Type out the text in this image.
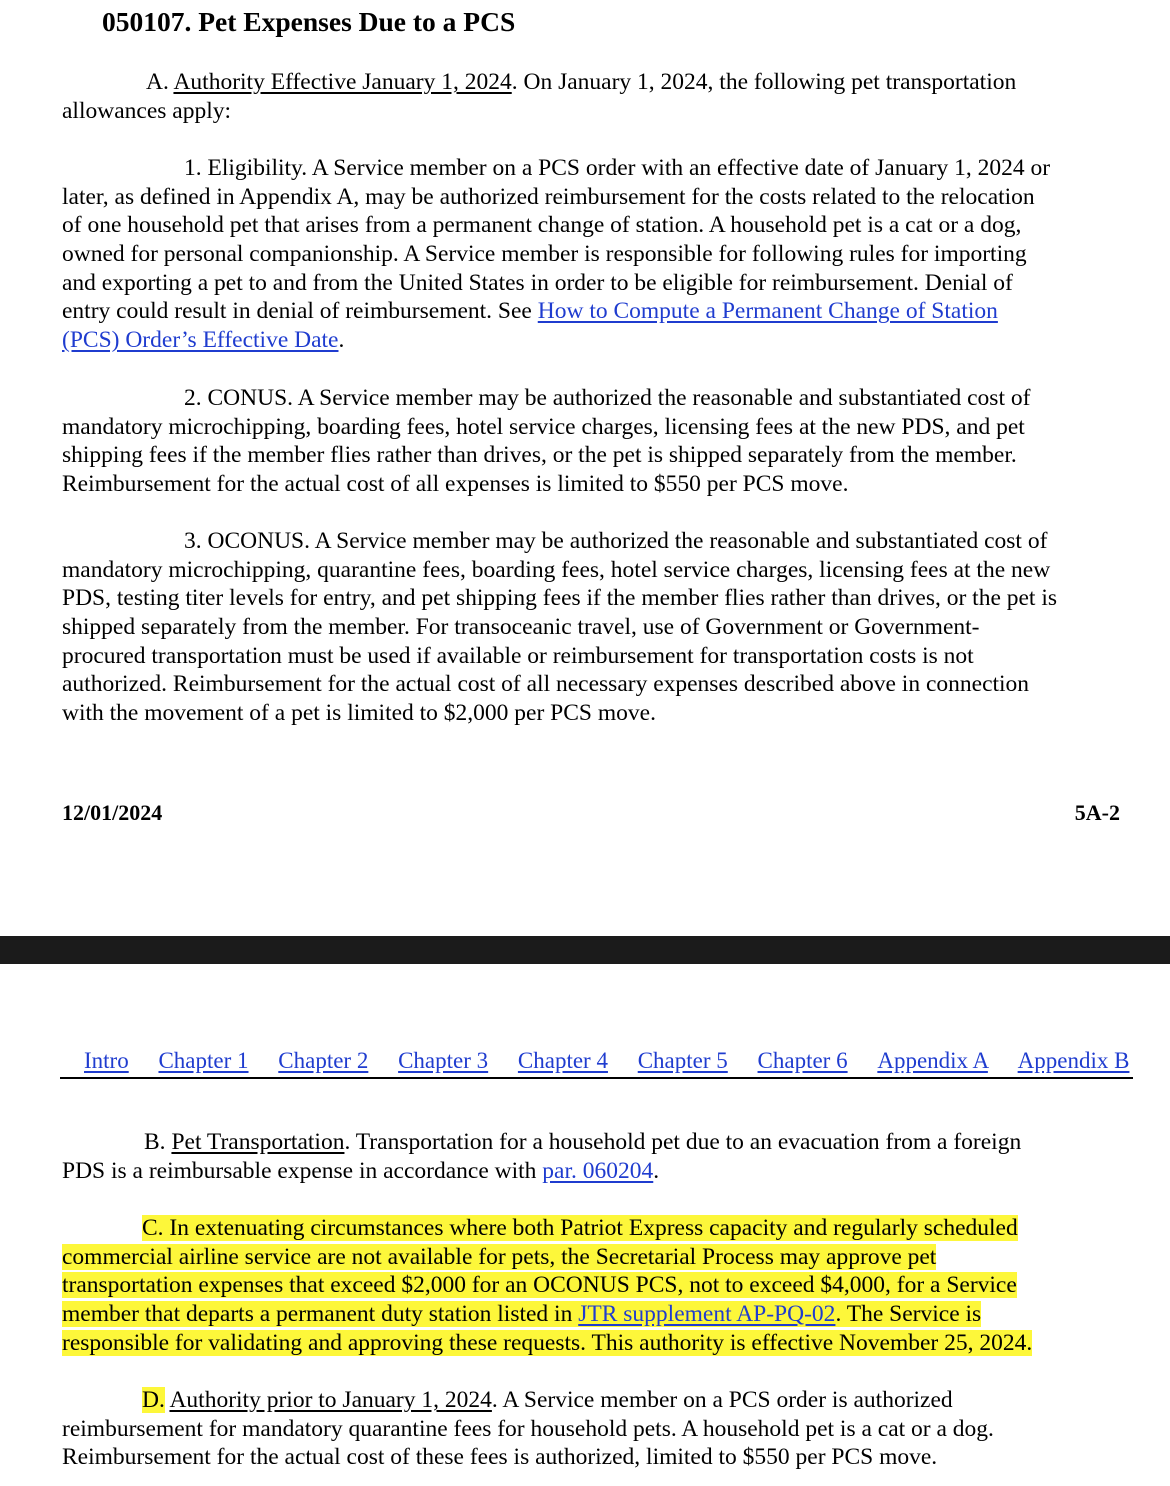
050107. Pet Expenses Due to a PCS
A. Authority Effective January 1, 2024. On January 1, 2024, the following pet transportation
allowances apply:
1. Eligibility. A Service member on a PCS order with an effective date of January 1, 2024 or
later, as defined in Appendix A, may be authorized reimbursement for the costs related to the relocation
of one household pet that arises from a permanent change of station. A household pet is a cat or a dog,
owned for personal companionship. A Service member is responsible for following rules for importing
and exporting a pet to and from the United States in order to be eligible for reimbursement. Denial of
entry could result in denial of reimbursement. See How to Compute a Permanent Change of Station
(PCS) Order’s Effective Date.
2. CONUS. A Service member may be authorized the reasonable and substantiated cost of
mandatory microchipping, boarding fees, hotel service charges, licensing fees at the new PDS, and pet
shipping fees if the member flies rather than drives, or the pet is shipped separately from the member.
Reimbursement for the actual cost of all expenses is limited to $550 per PCS move.
3. OCONUS. A Service member may be authorized the reasonable and substantiated cost of
mandatory microchipping, quarantine fees, boarding fees, hotel service charges, licensing fees at the new
PDS, testing titer levels for entry, and pet shipping fees if the member flies rather than drives, or the pet is
shipped separately from the member. For transoceanic travel, use of Government or Government-
procured transportation must be used if available or reimbursement for transportation costs is not
authorized. Reimbursement for the actual cost of all necessary expenses described above in connection
with the movement of a pet is limited to $2,000 per PCS move.
12/01/2024	5A-2
Intro Chapter 1 Chapter 2 Chapter 3 Chapter 4 Chapter 5 Chapter 6 Appendix A Appendix B
B. Pet Transportation. Transportation for a household pet due to an evacuation from a foreign
PDS is a reimbursable expense in accordance with par. 060204.
C. In extenuating circumstances where both Patriot Express capacity and regularly scheduled
commercial airline service are not available for pets, the Secretarial Process may approve pet
transportation expenses that exceed $2,000 for an OCONUS PCS, not to exceed $4,000, for a Service
member that departs a permanent duty station listed in JTR supplement AP-PQ-02. The Service is
responsible for validating and approving these requests. This authority is effective November 25, 2024.
D. Authority prior to January 1, 2024. A Service member on a PCS order is authorized
reimbursement for mandatory quarantine fees for household pets. A household pet is a cat or a dog.
Reimbursement for the actual cost of these fees is authorized, limited to $550 per PCS move.
